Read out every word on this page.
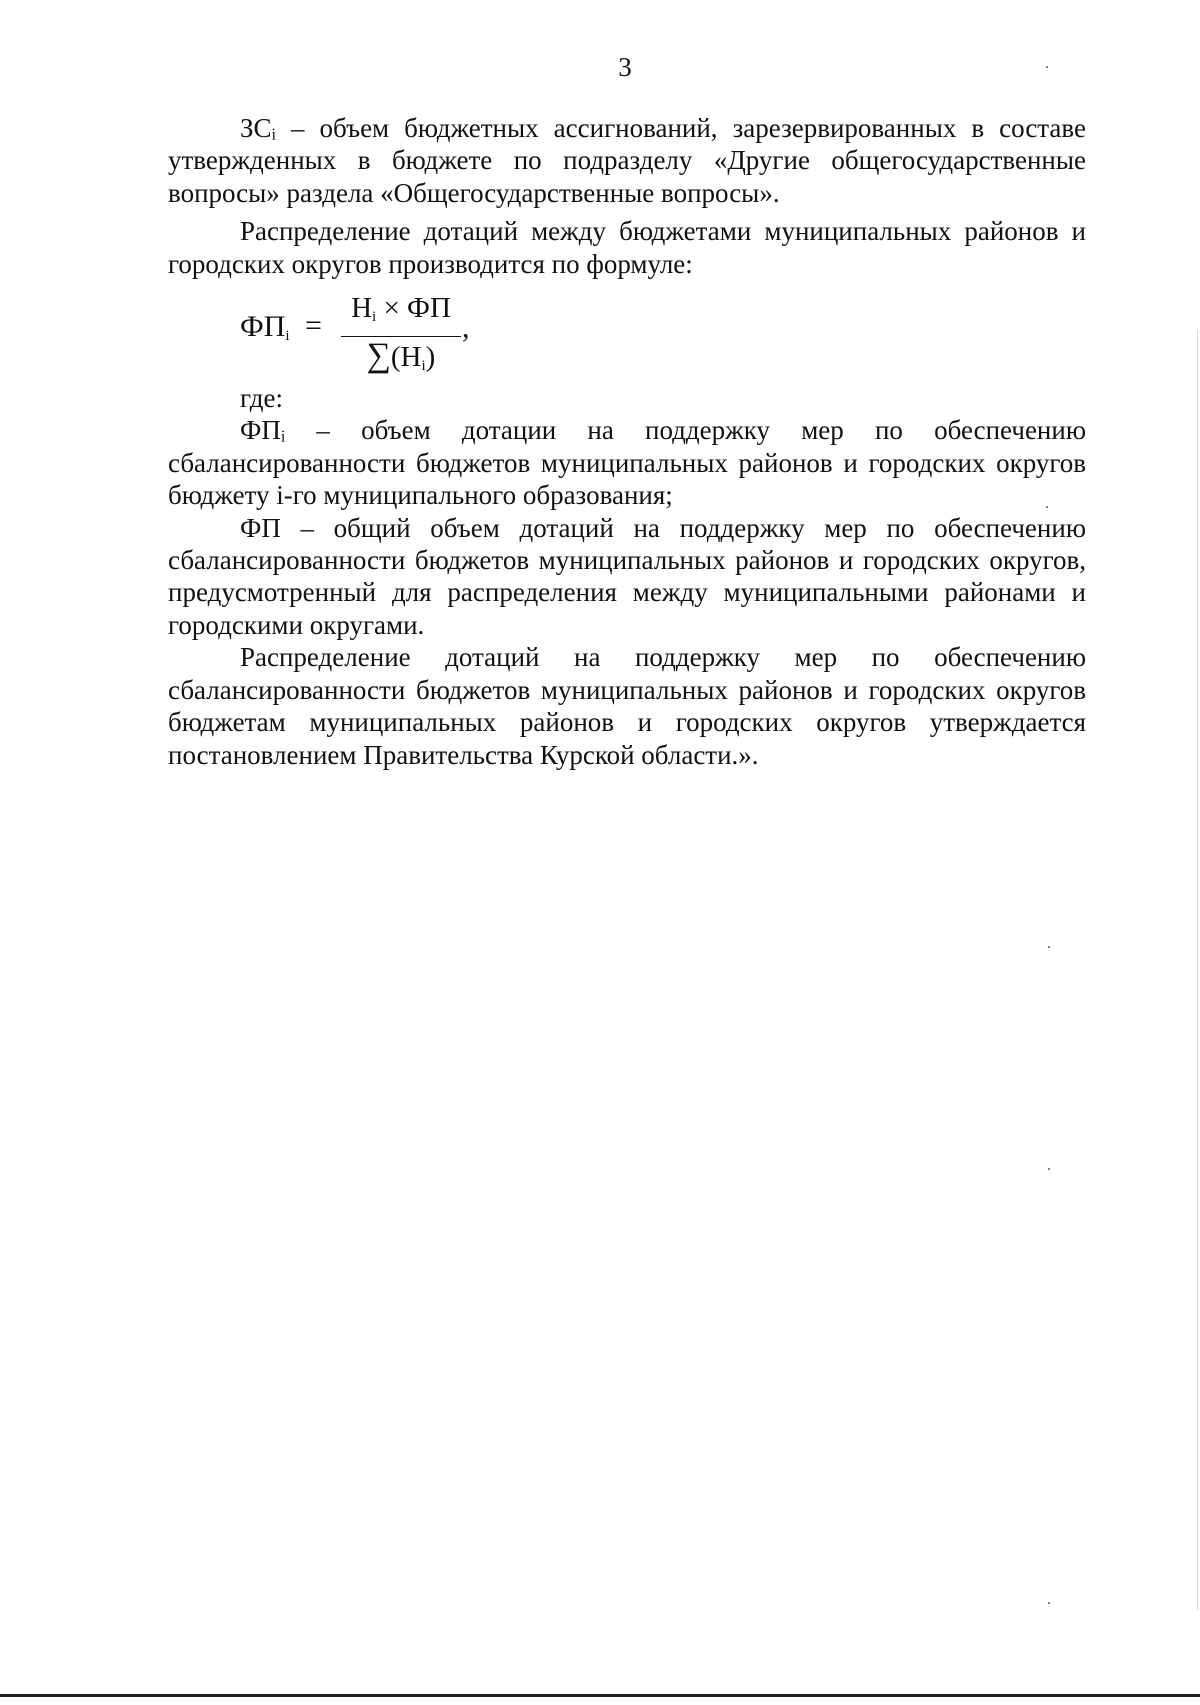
3

ЗСᵢ – объем бюджетных ассигнований, зарезервированных в составе утвержденных в бюджете по подразделу «Другие общегосударственные вопросы» раздела «Общегосударственные вопросы».

Распределение дотаций между бюджетами муниципальных районов и городских округов производится по формуле:

$ФП_i$ =
$Н_i$ × ФП
$\sum(Н_i)$
,

где:

ФПᵢ – объем дотации на поддержку мер по обеспечению сбалансированности бюджетов муниципальных районов и городских округов бюджету i-го муниципального образования;

ФП – общий объем дотаций на поддержку мер по обеспечению сбалансированности бюджетов муниципальных районов и городских округов, предусмотренный для распределения между муниципальными районами и городскими округами.

Распределение дотаций на поддержку мер по обеспечению сбалансированности бюджетов муниципальных районов и городских округов бюджетам муниципальных районов и городских округов утверждается постановлением Правительства Курской области.».
